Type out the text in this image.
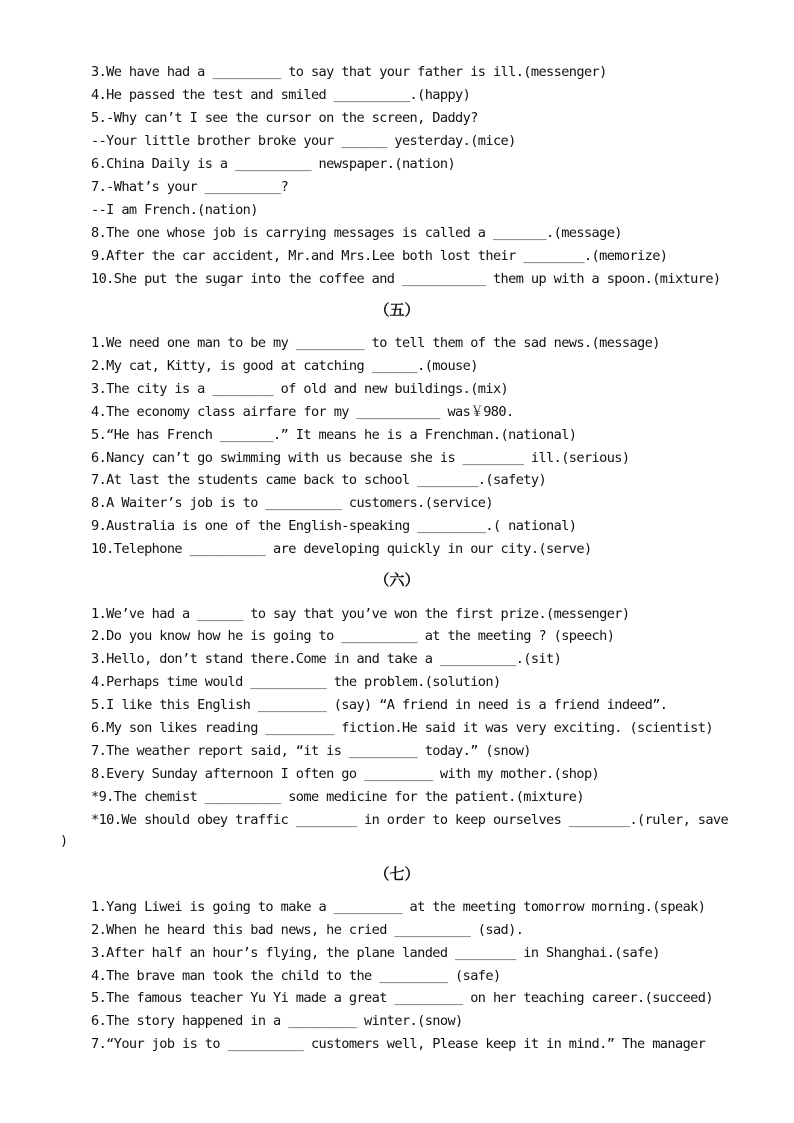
3.We have had a _________ to say that your father is ill.(messenger)
4.He passed the test and smiled __________.(happy)
5.-Why can’t I see the cursor on the screen, Daddy?
--Your little brother broke your ______ yesterday.(mice)
6.China Daily is a __________ newspaper.(nation)
7.-What’s your __________?
--I am French.(nation)
8.The one whose job is carrying messages is called a _______.(message)
9.After the car accident, Mr.and Mrs.Lee both lost their ________.(memorize)
10.She put the sugar into the coffee and ___________ them up with a spoon.(mixture)
（五）
1.We need one man to be my _________ to tell them of the sad news.(message)
2.My cat, Kitty, is good at catching ______.(mouse)
3.The city is a ________ of old and new buildings.(mix)
4.The economy class airfare for my ___________ was￥980.
5.“He has French _______.” It means he is a Frenchman.(national)
6.Nancy can’t go swimming with us because she is ________ ill.(serious)
7.At last the students came back to school ________.(safety)
8.A Waiter’s job is to __________ customers.(service)
9.Australia is one of the English-speaking _________.( national)
10.Telephone __________ are developing quickly in our city.(serve)
（六）
1.We’ve had a ______ to say that you’ve won the first prize.(messenger)
2.Do you know how he is going to __________ at the meeting ? (speech)
3.Hello, don’t stand there.Come in and take a __________.(sit)
4.Perhaps time would __________ the problem.(solution)
5.I like this English _________ (say) “A friend in need is a friend indeed”.
6.My son likes reading _________ fiction.He said it was very exciting. (scientist)
7.The weather report said, “it is _________ today.” (snow)
8.Every Sunday afternoon I often go _________ with my mother.(shop)
*9.The chemist __________ some medicine for the patient.(mixture)
*10.We should obey traffic ________ in order to keep ourselves ________.(ruler, save
)
（七）
1.Yang Liwei is going to make a _________ at the meeting tomorrow morning.(speak)
2.When he heard this bad news, he cried __________ (sad).
3.After half an hour’s flying, the plane landed ________ in Shanghai.(safe)
4.The brave man took the child to the _________ (safe)
5.The famous teacher Yu Yi made a great _________ on her teaching career.(succeed)
6.The story happened in a _________ winter.(snow)
7.“Your job is to __________ customers well, Please keep it in mind.” The manager
